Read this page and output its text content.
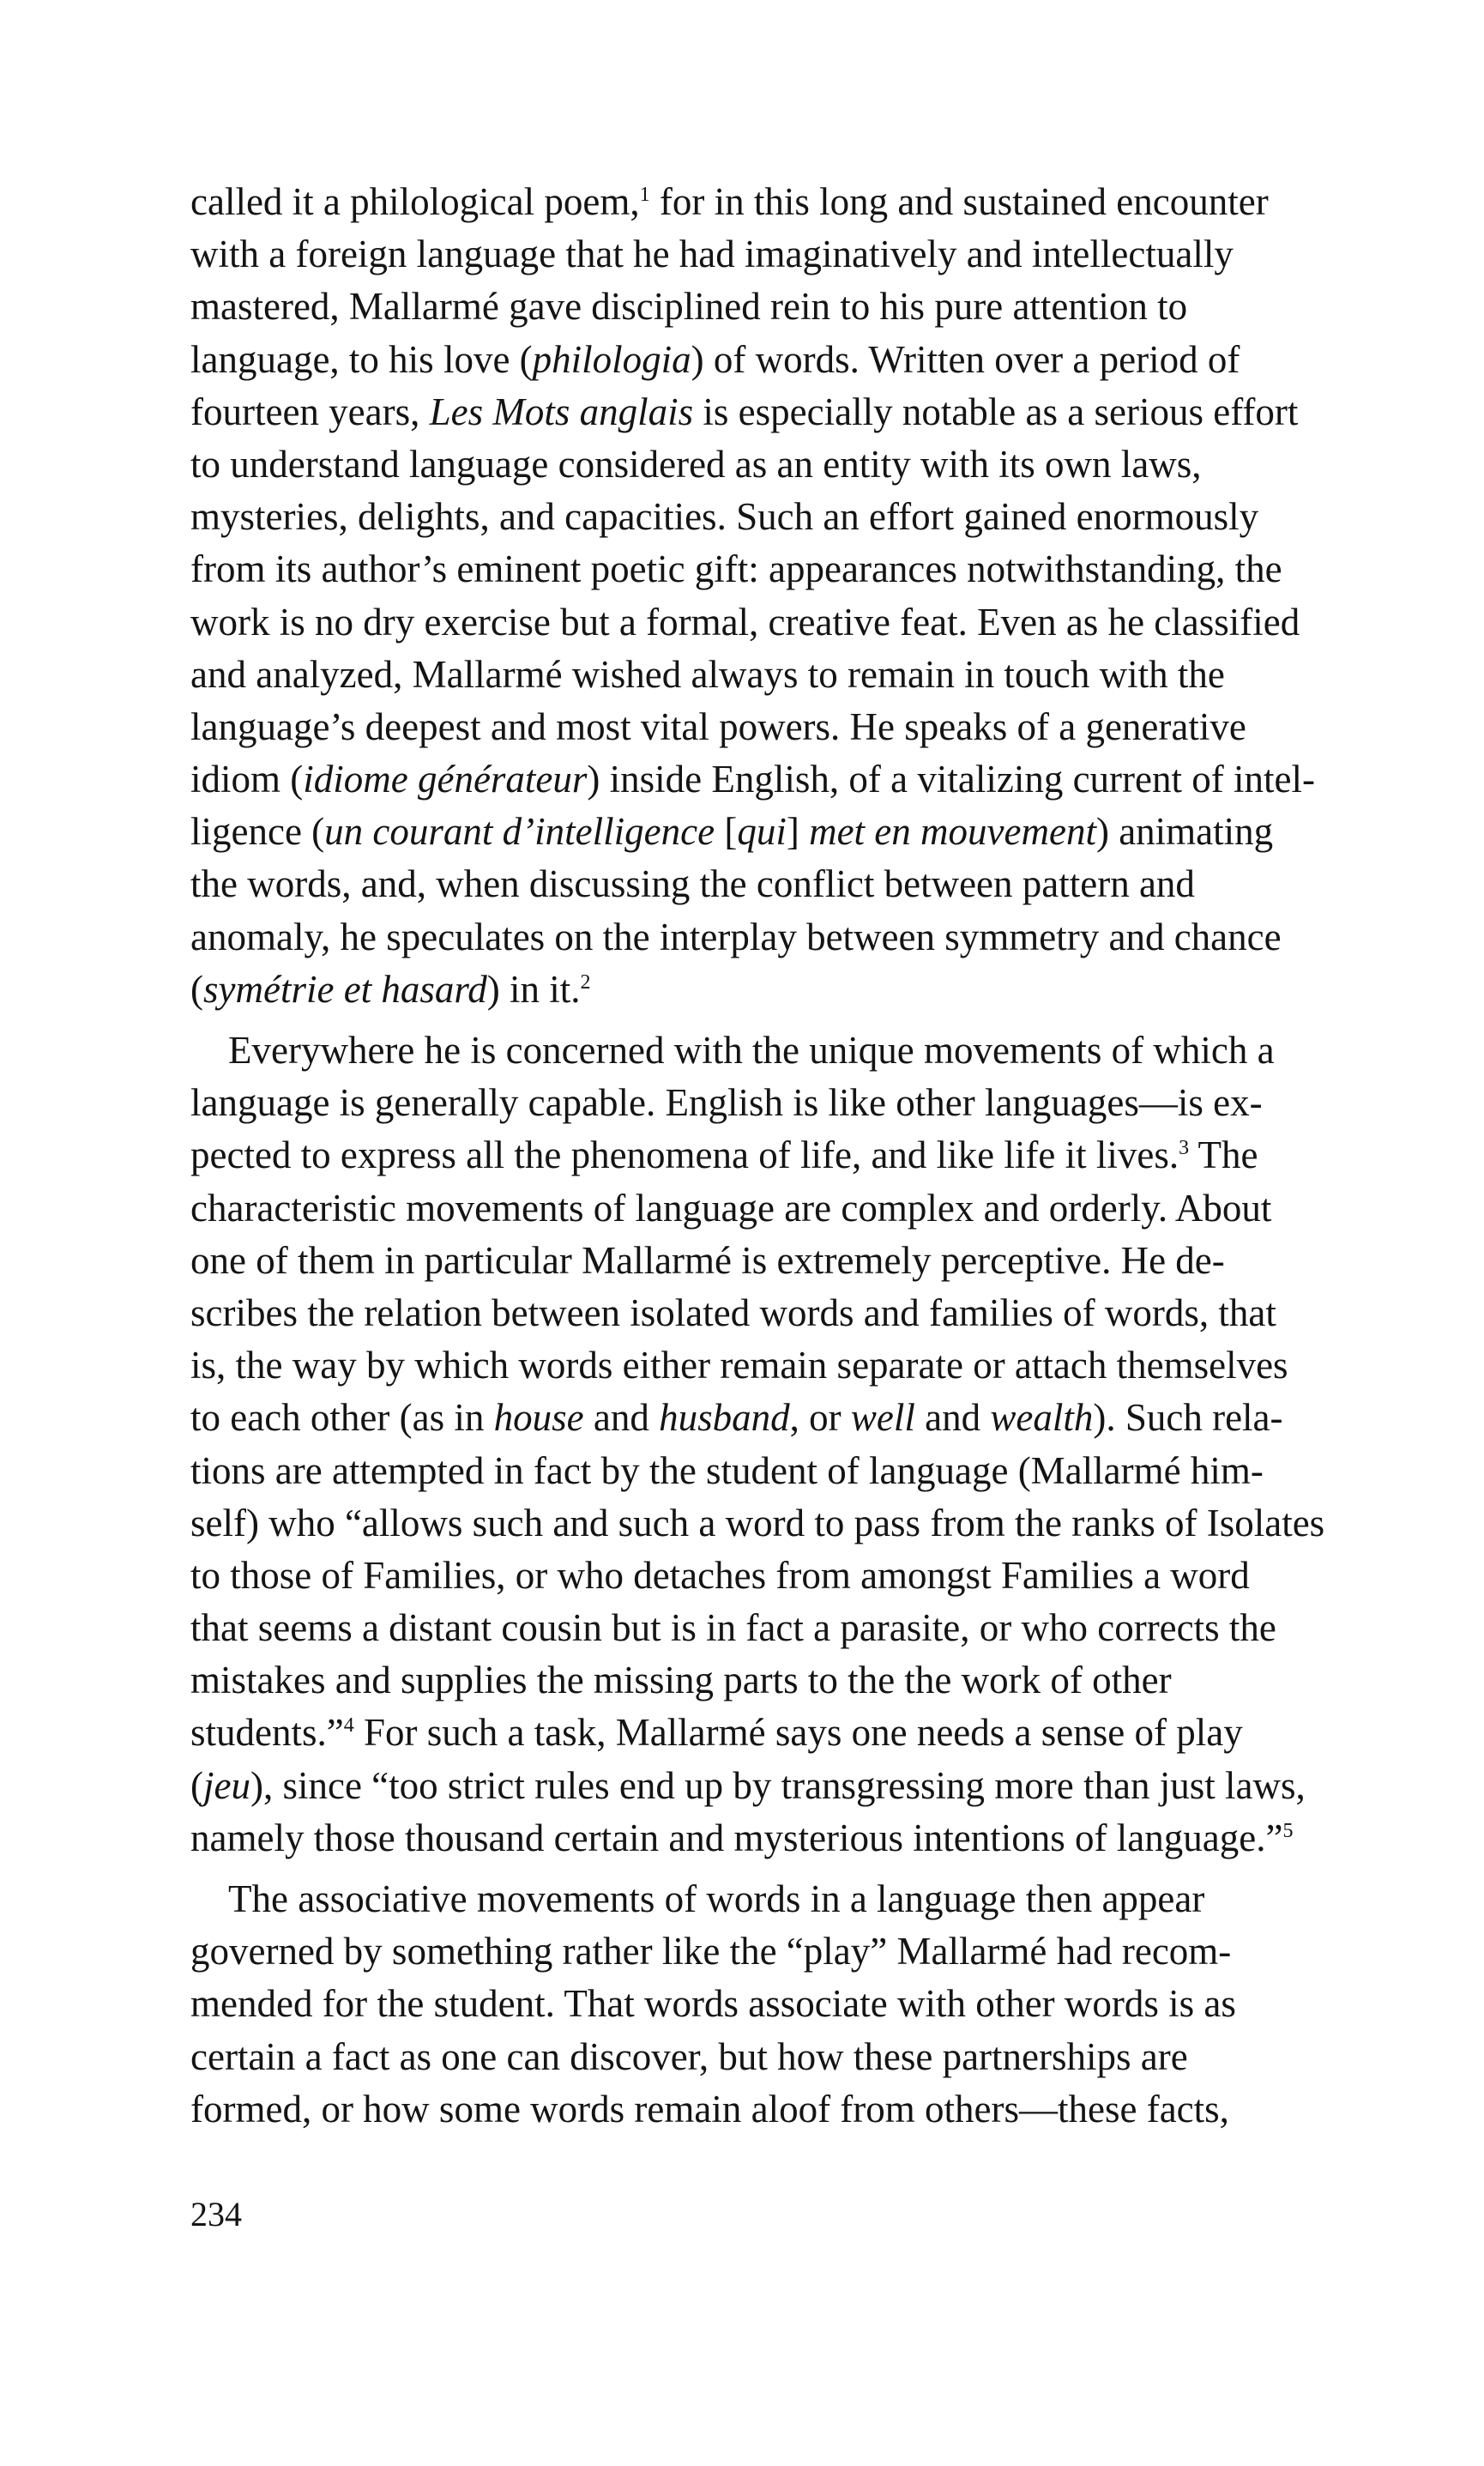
called it a philological poem,$^1$ for in this long and sustained encounter
with a foreign language that he had imaginatively and intellectually
mastered, Mallarmé gave disciplined rein to his pure attention to
language, to his love (philologia) of words. Written over a period of
fourteen years, Les Mots anglais is especially notable as a serious effort
to understand language considered as an entity with its own laws,
mysteries, delights, and capacities. Such an effort gained enormously
from its author’s eminent poetic gift: appearances notwithstanding, the
work is no dry exercise but a formal, creative feat. Even as he classified
and analyzed, Mallarmé wished always to remain in touch with the
language’s deepest and most vital powers. He speaks of a generative
idiom (idiome générateur) inside English, of a vitalizing current of intel-
ligence (un courant d’intelligence [qui] met en mouvement) animating
the words, and, when discussing the conflict between pattern and
anomaly, he speculates on the interplay between symmetry and chance
(symétrie et hasard) in it.$^2$
Everywhere he is concerned with the unique movements of which a
language is generally capable. English is like other languages—is ex-
pected to express all the phenomena of life, and like life it lives.$^3$ The
characteristic movements of language are complex and orderly. About
one of them in particular Mallarmé is extremely perceptive. He de-
scribes the relation between isolated words and families of words, that
is, the way by which words either remain separate or attach themselves
to each other (as in house and husband, or well and wealth). Such rela-
tions are attempted in fact by the student of language (Mallarmé him-
self) who “allows such and such a word to pass from the ranks of Isolates
to those of Families, or who detaches from amongst Families a word
that seems a distant cousin but is in fact a parasite, or who corrects the
mistakes and supplies the missing parts to the the work of other
students.”$^4$ For such a task, Mallarmé says one needs a sense of play
(jeu), since “too strict rules end up by transgressing more than just laws,
namely those thousand certain and mysterious intentions of language.”$^5$
The associative movements of words in a language then appear
governed by something rather like the “play” Mallarmé had recom-
mended for the student. That words associate with other words is as
certain a fact as one can discover, but how these partnerships are
formed, or how some words remain aloof from others—these facts,
234
